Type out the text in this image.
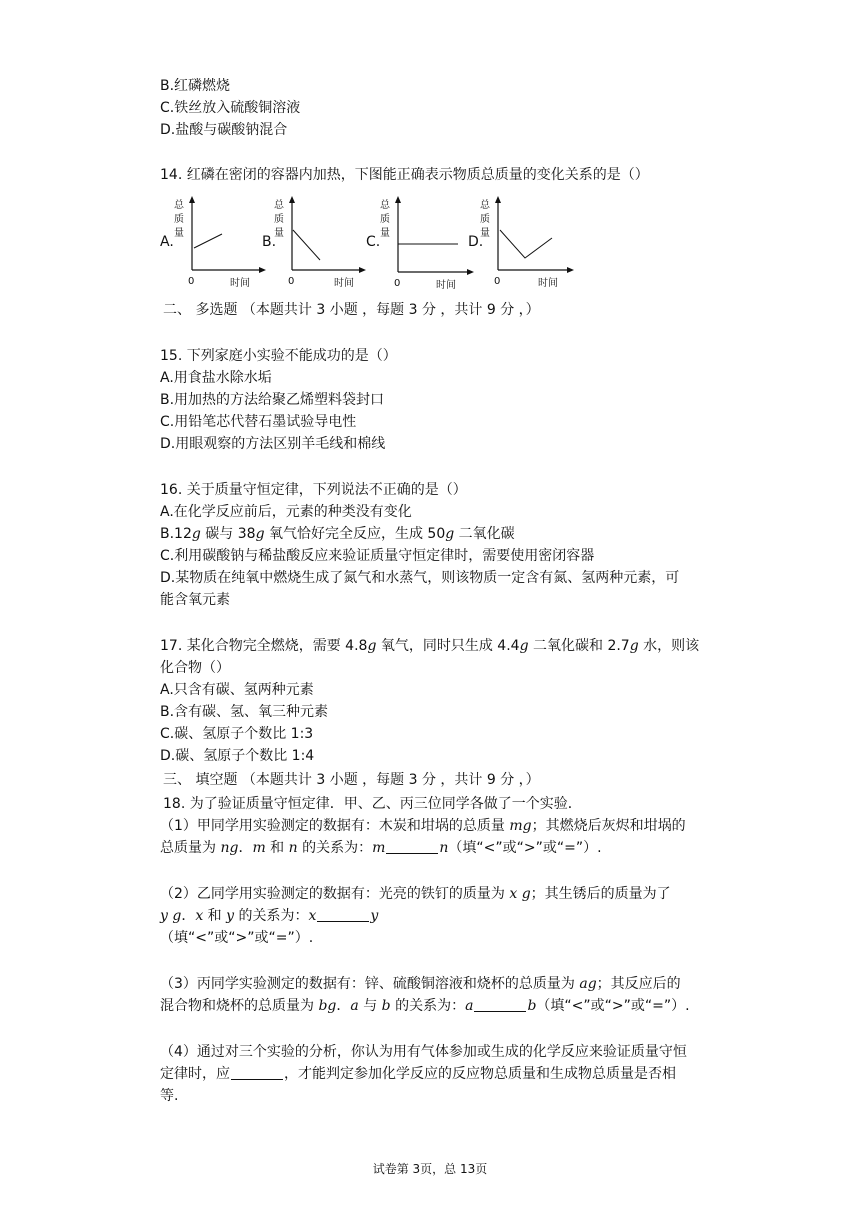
B.红磷燃烧
C.铁丝放入硫酸铜溶液
D.盐酸与碳酸钠混合
14. 红磷在密闭的容器内加热，下图能正确表示物质总质量的变化关系的是（）
A.
总
质
量
0	时间
B.
总
质
量
0	时间
C.
总
质
量
0	时间
D.
总
质
量
0	时间
二、 多选题 （本题共计 3 小题 ，每题 3 分 ，共计 9 分 ，）
15. 下列家庭小实验不能成功的是（）
A.用食盐水除水垢
B.用加热的方法给聚乙烯塑料袋封口
C.用铅笔芯代替石墨试验导电性
D.用眼观察的方法区别羊毛线和棉线
16. 关于质量守恒定律，下列说法不正确的是（）
A.在化学反应前后，元素的种类没有变化
B.12g 碳与 38g 氧气恰好完全反应，生成 50g 二氧化碳
C.利用碳酸钠与稀盐酸反应来验证质量守恒定律时，需要使用密闭容器
D.某物质在纯氧中燃烧生成了氮气和水蒸气，则该物质一定含有氮、氢两种元素，可
能含氧元素
17. 某化合物完全燃烧，需要 4.8g 氧气，同时只生成 4.4g 二氧化碳和 2.7g 水，则该
化合物（）
A.只含有碳、氢两种元素
B.含有碳、氢、氧三种元素
C.碳、氢原子个数比 1:3
D.碳、氢原子个数比 1:4
三、 填空题 （本题共计 3 小题 ，每题 3 分 ，共计 9 分 ，）
18. 为了验证质量守恒定律．甲、乙、丙三位同学各做了一个实验．
（1）甲同学用实验测定的数据有：木炭和坩埚的总质量 mg；其燃烧后灰烬和坩埚的
总质量为 ng．m 和 n 的关系为：m	n（填“<”或“>”或“=”）.
（2）乙同学用实验测定的数据有：光亮的铁钉的质量为 x g；其生锈后的质量为了
y g．x 和 y 的关系为：x	y
（填“<”或“>”或“=”）.
（3）丙同学实验测定的数据有：锌、硫酸铜溶液和烧杯的总质量为 ag；其反应后的
混合物和烧杯的总质量为 bg．a 与 b 的关系为：a	b（填“<”或“>”或“=”）.
（4）通过对三个实验的分析，你认为用有气体参加或生成的化学反应来验证质量守恒
定律时，应	，才能判定参加化学反应的反应物总质量和生成物总质量是否相
等.
试卷第 3页，总 13页
